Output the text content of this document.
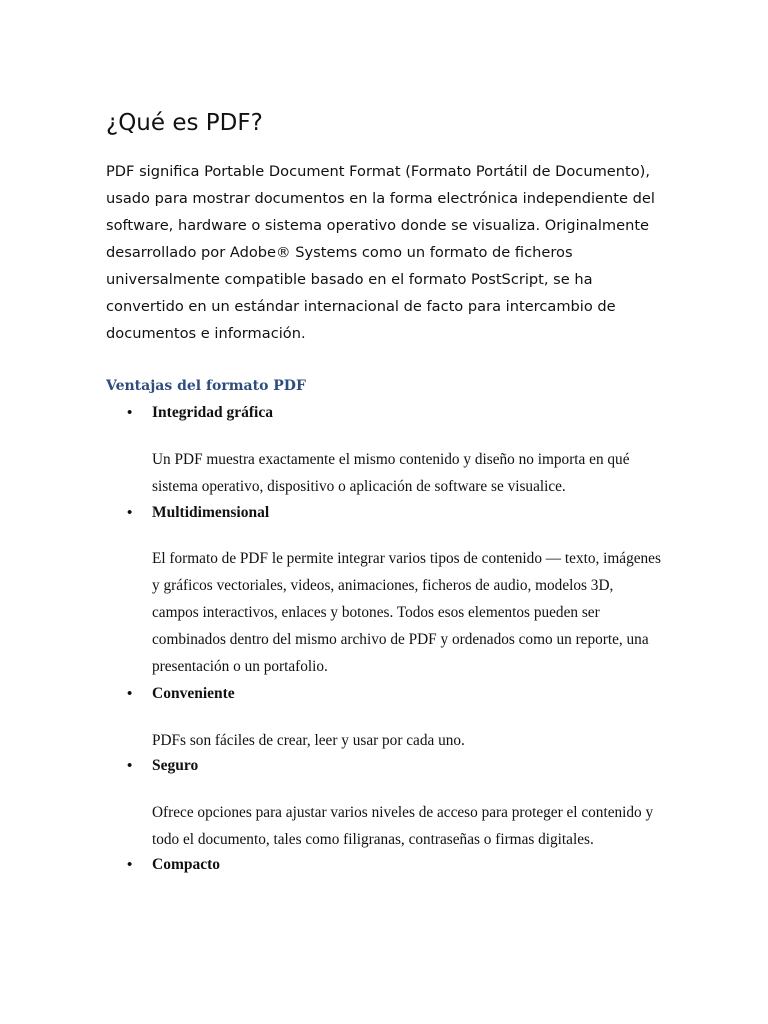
¿Qué es PDF?

PDF significa Portable Document Format (Formato Portátil de Documento), usado para mostrar documentos en la forma electrónica independiente del software, hardware o sistema operativo donde se visualiza. Originalmente desarrollado por Adobe® Systems como un formato de ficheros universalmente compatible basado en el formato PostScript, se ha convertido en un estándar internacional de facto para intercambio de documentos e información.

Ventajas del formato PDF
• Integridad gráfica

Un PDF muestra exactamente el mismo contenido y diseño no importa en qué sistema operativo, dispositivo o aplicación de software se visualice.

• Multidimensional

El formato de PDF le permite integrar varios tipos de contenido — texto, imágenes y gráficos vectoriales, videos, animaciones, ficheros de audio, modelos 3D, campos interactivos, enlaces y botones. Todos esos elementos pueden ser combinados dentro del mismo archivo de PDF y ordenados como un reporte, una presentación o un portafolio.

• Conveniente

PDFs son fáciles de crear, leer y usar por cada uno.

• Seguro

Ofrece opciones para ajustar varios niveles de acceso para proteger el contenido y todo el documento, tales como filigranas, contraseñas o firmas digitales.

• Compacto
